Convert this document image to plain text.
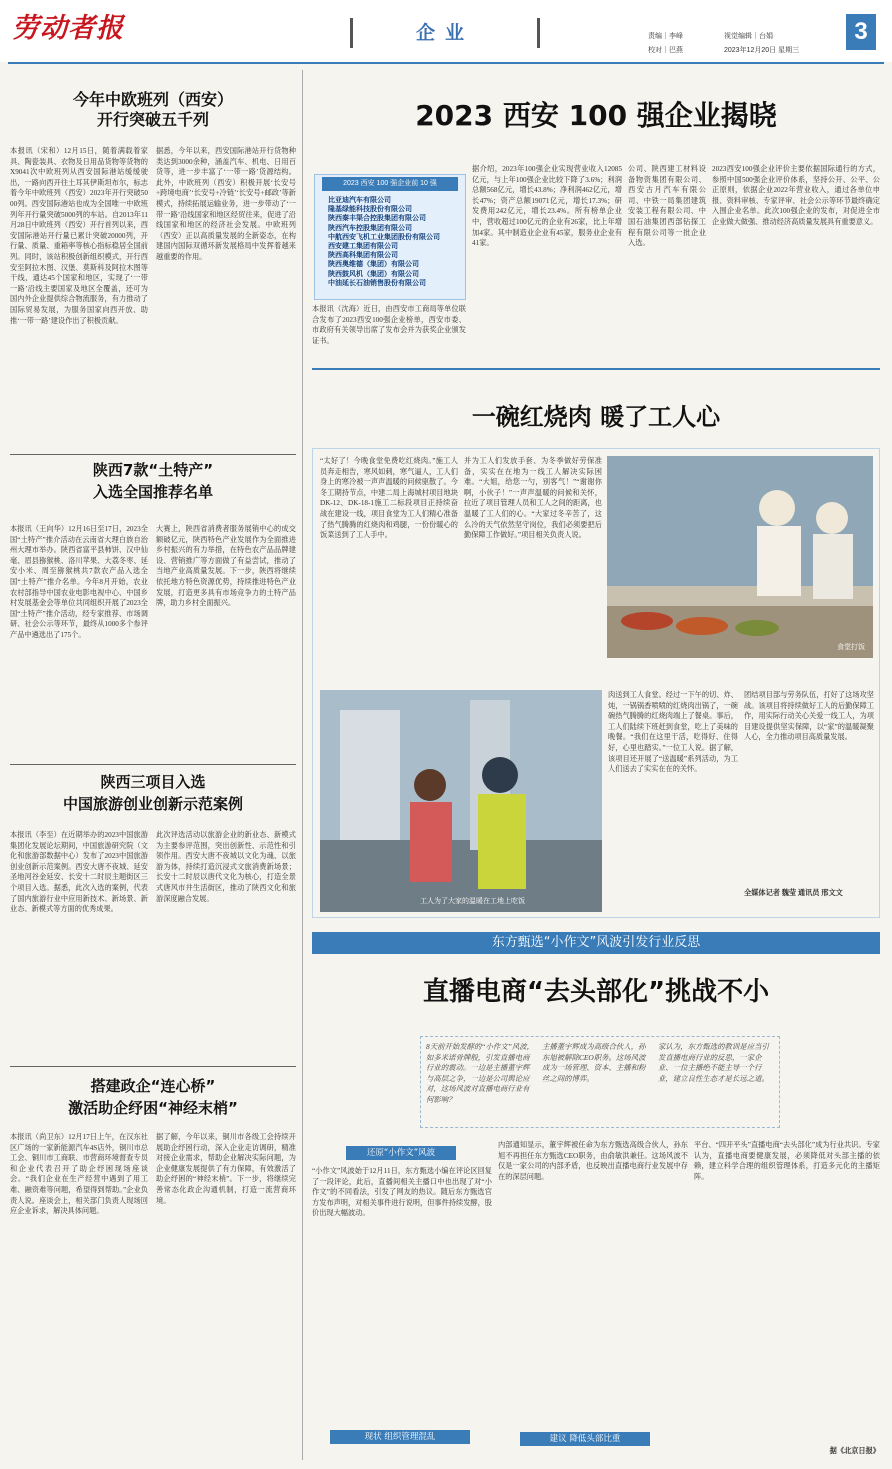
劳动者报	企业	责编｜李峰
校对｜巴燕
视觉编辑｜台娟
2023年12月20日 星期三
3
今年中欧班列（西安）
开行突破五千列
本报讯（宋和）12月15日，随着满载着家具、陶瓷装具、衣物及日用品货物等货物的X9041次中欧班列从西安国际港站缓缓驶出，一路向西开往土耳其伊斯坦布尔，标志着今年中欧班列（西安）2023年开行突破5000列。西安国际港站也成为全国唯一中欧班列年开行量突破5000列的车站。自2013年11月28日中欧班列（西安）开行首列以来，西安国际港站开行量已累计突破20000列，开行量、质量、重箱率等核心指标稳居全国前列。同时，该站积极创新组织模式，开行西安至阿拉木图、汉堡、莫斯科及阿拉木图等干线，通达45个国家和地区，实现了‘一带一路’沿线主要国家及地区全覆盖，还可为国内外企业提供综合物流服务，有力推动了国际贸易发展，为服务国家向西开放、助推‘一带一路’建设作出了积极贡献。
据悉，今年以来，西安国际港站开行货物种类达到3000余种，涵盖汽车、机电、日用百货等，进一步丰富了‘一带一路’货源结构。此外，中欧班列（西安）积极开展‘长安号+跨境电商’‘长安号+冷链’‘长安号+邮政’等新模式，持续拓展运输业务，进一步带动了‘一带一路’沿线国家和地区经贸往来，促进了沿线国家和地区的经济社会发展。中欧班列（西安）正以高质量发展的全新姿态，在构建国内国际双循环新发展格局中发挥着越来越重要的作用。
陕西7款“土特产”
入选全国推荐名单
本报讯（王向华）12月16日至17日，2023全国“土特产”推介活动在云南省大理白族自治州大理市举办。陕西省富平县柿饼、汉中仙毫、眉县猕猴桃、洛川苹果、大荔冬枣、延安小米、周至猕猴桃共7款农产品入选全国“土特产”推介名单。今年8月开始，农业农村部指导中国农业电影电视中心、中国乡村发展基金会等单位共同组织开展了2023全国“土特产”推介活动，经专家推荐、市场调研、社会公示等环节，最终从1000多个参评产品中遴选出了175个。
大赛上，陕西省消费者服务展销中心的成交额破亿元，陕西特色产业发展作为全面推进乡村振兴的有力举措，在特色农产品品牌建设、营销推广等方面做了有益尝试，推动了当地产业高质量发展。下一步，陕西将继续依托地方特色资源优势，持续推进特色产业发展，打造更多具有市场竞争力的土特产品牌，助力乡村全面振兴。
陕西三项目入选
中国旅游创业创新示范案例
本报讯（李至）在近期举办的2023中国旅游集团化发展论坛期间，中国旅游研究院（文化和旅游部数据中心）发布了2023中国旅游创业创新示范案例。西安大唐不夜城、延安圣地河谷金延安、长安十二时辰主题街区三个项目入选。据悉，此次入选的案例，代表了国内旅游行业中应用新技术、新场景、新业态、新模式等方面的优秀成果。
此次评选活动以旅游企业的新业态、新模式为主要参评范围，突出创新性、示范性和引领作用。西安大唐不夜城以文化为魂、以旅游为体，持续打造沉浸式文旅消费新场景；长安十二时辰以唐代文化为核心，打造全景式唐风市井生活街区，推动了陕西文化和旅游深度融合发展。
搭建政企“连心桥”
激活助企纾困“神经末梢”
本报讯（尚卫东）12月17日上午，在汉东社区广场的一家新能源汽车4S店外，铜川市总工会、铜川市工商联、市营商环境督查专员和企业代表召开了助企纾困现场座谈会。“我们企业在生产经营中遇到了用工难、融资难等问题，希望得到帮助。”企业负责人说。座谈会上，相关部门负责人现场回应企业诉求，解决具体问题。
据了解，今年以来，铜川市各级工会持续开展助企纾困行动，深入企业走访调研，精准对接企业需求，帮助企业解决实际问题，为企业健康发展提供了有力保障，有效激活了助企纾困的“神经末梢”。下一步，将继续完善常态化政企沟通机制，打造一流营商环境。
2023 西安 100 强企业揭晓
2023 西安 100 强企业前 10 强
比亚迪汽车有限公司
隆基绿能科技股份有限公司
陕西秦丰渠合控股集团有限公司
陕西汽车控股集团有限公司
中航西安飞机工业集团股份有限公司
西安建工集团有限公司
陕西高科集团有限公司
陕西奥维德（集团）有限公司
陕西鼓风机（集团）有限公司
中油延长石油销售股份有限公司
本报讯（沈海）近日，由西安市工商局等单位联合发布了2023西安100强企业榜单，西安市委、市政府有关领导出席了发布会并为获奖企业颁发证书。
据介绍，2023年100强企业实现营业收入12085亿元，与上年100强企业比较下降了3.6%；利润总额568亿元，增长43.8%；净利润462亿元，增长47%；资产总额19071亿元，增长17.3%；研发费用242亿元，增长23.4%。所有榜单企业中，营收超过100亿元的企业有26家，比上年增加4家。其中制造业企业有45家，服务业企业有41家。
公司、陕西建工材料设备物资集团有限公司、西安古月汽车有限公司、中铁一局集团建筑安装工程有限公司、中国石油集团西部钻探工程有限公司等一批企业入选。
2023西安100强企业评价主要依据国际通行的方式，参照中国500强企业评价体系，坚持公开、公平、公正原则，依据企业2022年营业收入，通过各单位申报、资料审核、专家评审、社会公示等环节最终确定入围企业名单。此次100强企业的发布，对促进全市企业做大做强、推动经济高质量发展具有重要意义。
一碗红烧肉 暖了工人心
“太好了！今晚食堂免费吃红烧肉。”施工人员奔走相告，寒风如刺，寒气逼人，工人们身上的寒冷被一声声温暖的问候驱散了。今冬工期持节点，中建二局上海城村项目地块DK-12、DK-18-1施工二标段项目正持续奋战在建设一线，项目食堂为工人们精心准备了热气腾腾的红烧肉和鸡腿，一份份暖心的饭菜送到了工人手中。
并为工人们发放手套、为冬季做好劳保准备，实实在在地为一线工人解决实际困难。“大姐，给您一勺，别客气！”“谢谢你啊，小伙子！”一声声温暖的问候和关怀，拉近了项目管理人员和工人之间的距离，也温暖了工人们的心。“大家过冬辛苦了，这么冷的天气依然坚守岗位，我们必须要把后勤保障工作做好。”项目相关负责人说。
食堂打饭
工人为了大家的温暖在工地上吃饭
肉送到工人食堂。经过一下午的切、炸、炖，一锅锅香喷喷的红烧肉出锅了，一碗碗热气腾腾的红烧肉端上了餐桌。事后，工人们陆续下班赶到食堂，吃上了美味的晚餐。“我们在这里干活，吃得好、住得好，心里也踏实。”一位工人说。据了解，该项目还开展了“送温暖”系列活动，为工人们送去了实实在在的关怀。
团结项目部与劳务队伍，打好了这场攻坚战。该项目将持续做好工人的后勤保障工作，用实际行动关心关爱一线工人，为项目建设提供坚实保障，以“家”的温暖凝聚人心，全力推动项目高质量发展。
全媒体记者 魏莹 通讯员 邢文文
东方甄选“小作文”风波引发行业反思
直播电商“去头部化”挑战不小
8天前开始发酵的“小作文”风波，如多米诺骨牌般，引发直播电商行业的震动。一边是主播董宇辉与高层之争，一边是公司舆论应对，这场风波对直播电商行业有何影响？
主播董宇辉成为高级合伙人，孙东旭被解除CEO职务。这场风波成为一场管理、资本、主播和粉丝之间的博弈。
家认为，东方甄选的教训是应当引发直播电商行业的反思，一家企业、一位主播绝不能主导一个行业，建立良性生态才是长远之道。
还原“小作文”风波
“小作文”风波始于12月11日，东方甄选小编在评论区回复了一段评论，此后，直播间相关主播口中也出现了对“小作文”的不同看法，引发了网友的热议。随后东方甄选官方发布声明，对相关事件进行说明，但事件持续发酵，股价出现大幅波动。
现状 组织管理混乱
内部通知显示，董宇辉被任命为东方甄选高级合伙人，孙东旭不再担任东方甄选CEO职务，由俞敏洪兼任。这场风波不仅是一家公司的内部矛盾，也反映出直播电商行业发展中存在的深层问题。
建议 降低头部比重
平台、“四开平头”直播电商“去头部化”成为行业共识。专家认为，直播电商要健康发展，必须降低对头部主播的依赖，建立科学合理的组织管理体系，打造多元化的主播矩阵。
据《北京日报》
